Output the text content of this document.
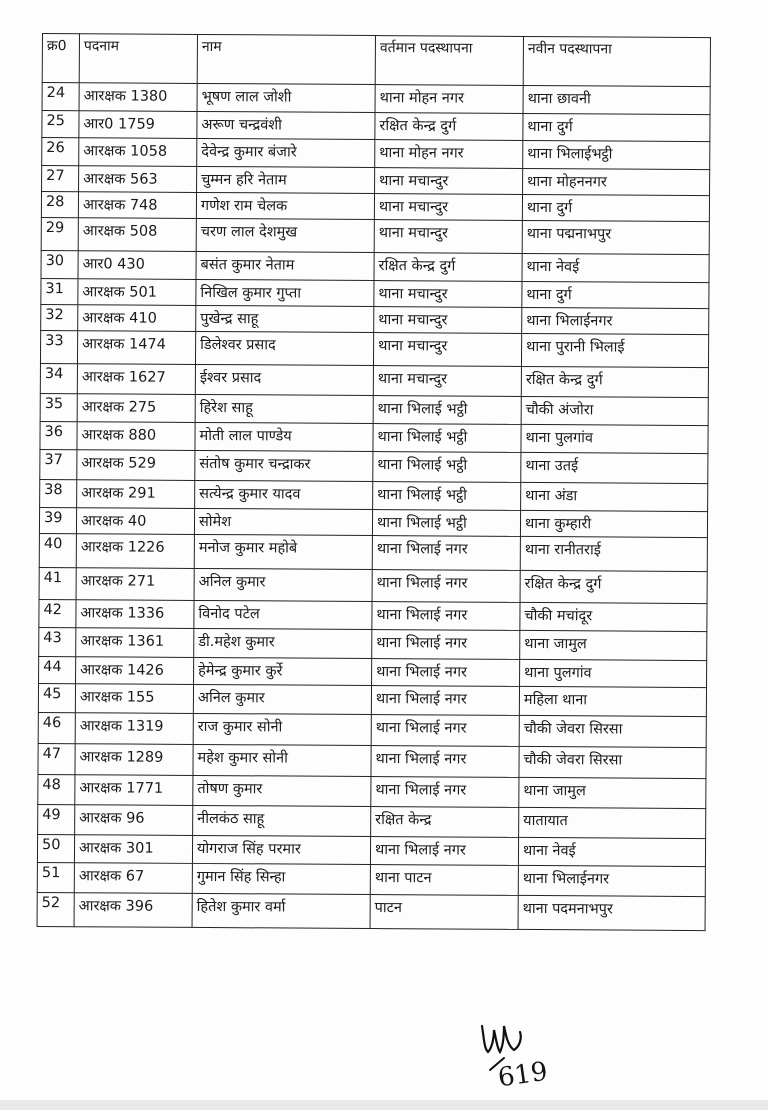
क्र0	पदनाम	नाम	वर्तमान पदस्थापना	नवीन पदस्थापना
24	आरक्षक 1380	भूषण लाल जोशी	थाना मोहन नगर	थाना छावनी
25	आर0 1759	अरूण चन्द्रवंशी	रक्षित केन्द्र दुर्ग	थाना दुर्ग
26	आरक्षक 1058	देवेन्द्र कुमार बंजारे	थाना मोहन नगर	थाना भिलाईभट्ठी
27	आरक्षक 563	चुम्मन हरि नेताम	थाना मचान्दुर	थाना मोहननगर
28	आरक्षक 748	गणेश राम चेलक	थाना मचान्दुर	थाना दुर्ग
29	आरक्षक 508	चरण लाल देशमुख	थाना मचान्दुर	थाना पद्मनाभपुर
30	आर0 430	बसंत कुमार नेताम	रक्षित केन्द्र दुर्ग	थाना नेवई
31	आरक्षक 501	निखिल कुमार गुप्ता	थाना मचान्दुर	थाना दुर्ग
32	आरक्षक 410	पुखेन्द्र साहू	थाना मचान्दुर	थाना भिलाईनगर
33	आरक्षक 1474	डिलेश्वर प्रसाद	थाना मचान्दुर	थाना पुरानी भिलाई
34	आरक्षक 1627	ईश्वर प्रसाद	थाना मचान्दुर	रक्षित केन्द्र दुर्ग
35	आरक्षक 275	हिरेश साहू	थाना भिलाई भट्ठी	चौकी अंजोरा
36	आरक्षक 880	मोती लाल पाण्डेय	थाना भिलाई भट्ठी	थाना पुलगांव
37	आरक्षक 529	संतोष कुमार चन्द्राकर	थाना भिलाई भट्ठी	थाना उतई
38	आरक्षक 291	सत्येन्द्र कुमार यादव	थाना भिलाई भट्ठी	थाना अंडा
39	आरक्षक 40	सोमेश	थाना भिलाई भट्ठी	थाना कुम्हारी
40	आरक्षक 1226	मनोज कुमार महोबे	थाना भिलाई नगर	थाना रानीतराई
41	आरक्षक 271	अनिल कुमार	थाना भिलाई नगर	रक्षित केन्द्र दुर्ग
42	आरक्षक 1336	विनोद पटेल	थाना भिलाई नगर	चौकी मचांदूर
43	आरक्षक 1361	डी.महेश कुमार	थाना भिलाई नगर	थाना जामुल
44	आरक्षक 1426	हेमेन्द्र कुमार कुर्रे	थाना भिलाई नगर	थाना पुलगांव
45	आरक्षक 155	अनिल कुमार	थाना भिलाई नगर	महिला थाना
46	आरक्षक 1319	राज कुमार सोनी	थाना भिलाई नगर	चौकी जेवरा सिरसा
47	आरक्षक 1289	महेश कुमार सोनी	थाना भिलाई नगर	चौकी जेवरा सिरसा
48	आरक्षक 1771	तोषण कुमार	थाना भिलाई नगर	थाना जामुल
49	आरक्षक 96	नीलकंठ साहू	रक्षित केन्द्र	यातायात
50	आरक्षक 301	योगराज सिंह परमार	थाना भिलाई नगर	थाना नेवई
51	आरक्षक 67	गुमान सिंह सिन्हा	थाना पाटन	थाना भिलाईनगर
52	आरक्षक 396	हितेश कुमार वर्मा	पाटन	थाना पदमनाभपुर
619
